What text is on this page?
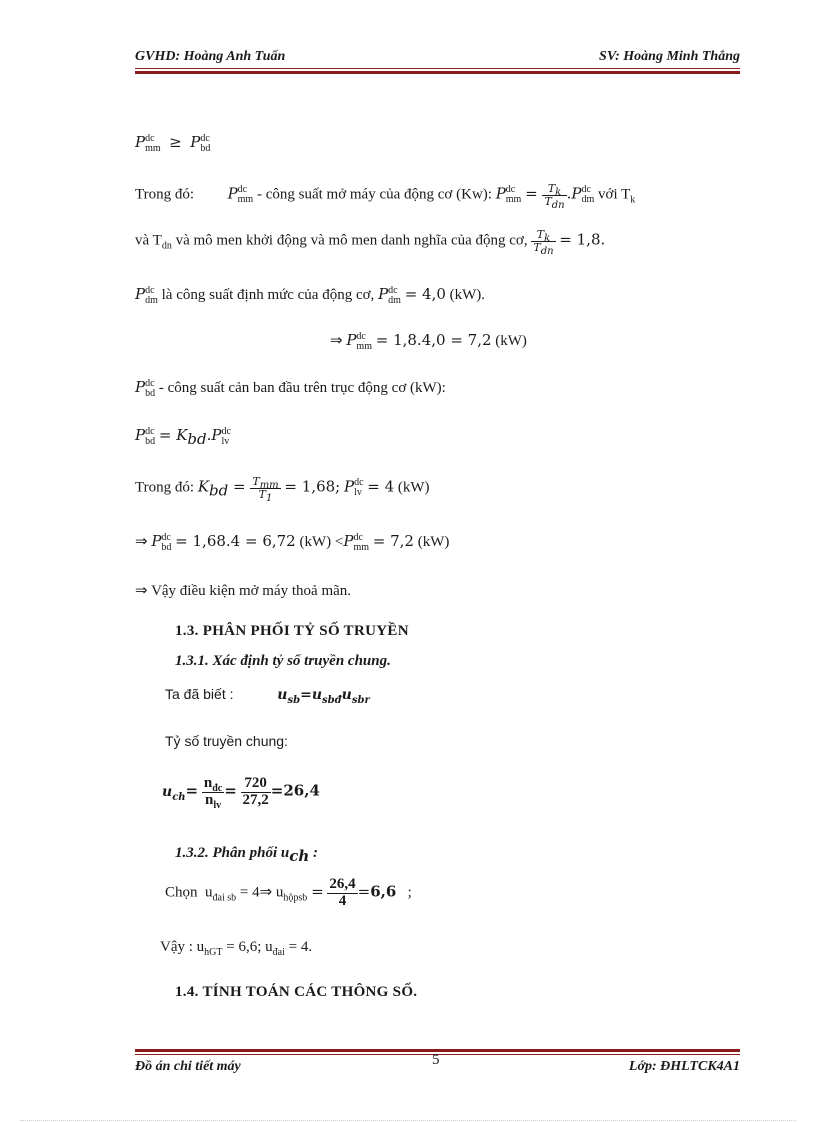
GVHD: Hoàng Anh Tuấn	SV: Hoàng Minh Thắng
P dc
mm ≥  P dc
bd
Trong đó: P dc
mm - công suất mở máy của động cơ (Kw): P dc
mm = $\frac{T_k}{T_{dn}} .P$ dc
dm với $T_k$
và $T_{dn}$ và mô men khởi động và mô men danh nghĩa của động cơ, $\frac{T_k}{T_{dn}} = 1,8$.
P dc
dm là công suất định mức của động cơ, P dc
dm = 4,0 (kW).
⇒ P dc
mm = 1,8.4,0 = 7,2 (kW)
P dc
bd - công suất cản ban đầu trên trục động cơ (kW):
P dc
bd = $K_{bd}.P$ dc
lv
Trong đó: $K_{bd} = \frac{T_{mm}}{T_1} = 1,68$; P dc
lv = 4 (kW)
⇒ P dc
bd = 1,68.4 = 6,72 (kW) <P dc
mm = 7,2 (kW)
⇒ Vậy điều kiện mở máy thoả mãn.
1.3. PHÂN PHỐI TỶ SỐ TRUYỀN
1.3.1. Xác định tỷ số truyền chung.
Ta đã biết :	$u_{sb}=u_{sbđ}u_{sbr}$
Tỷ số truyền chung:
$u_{ch}= \frac{n_{đc}}{n_{lv}} = \frac{720}{27,2} =26,4$
1.3.2. Phân phối $u_{ch}$ :
Chọn  $u_{đai sb}$ = 4⇒ $u_{hộpsb} = \frac{26,4}{4} =6,6$   ;
Vậy : $u_{hGT} = 6,6$; $u_{đai} = 4$.
1.4. TÍNH TOÁN CÁC THÔNG SỐ.
Đồ án chi tiết máy	5	Lớp: ĐHLTCK4A1
